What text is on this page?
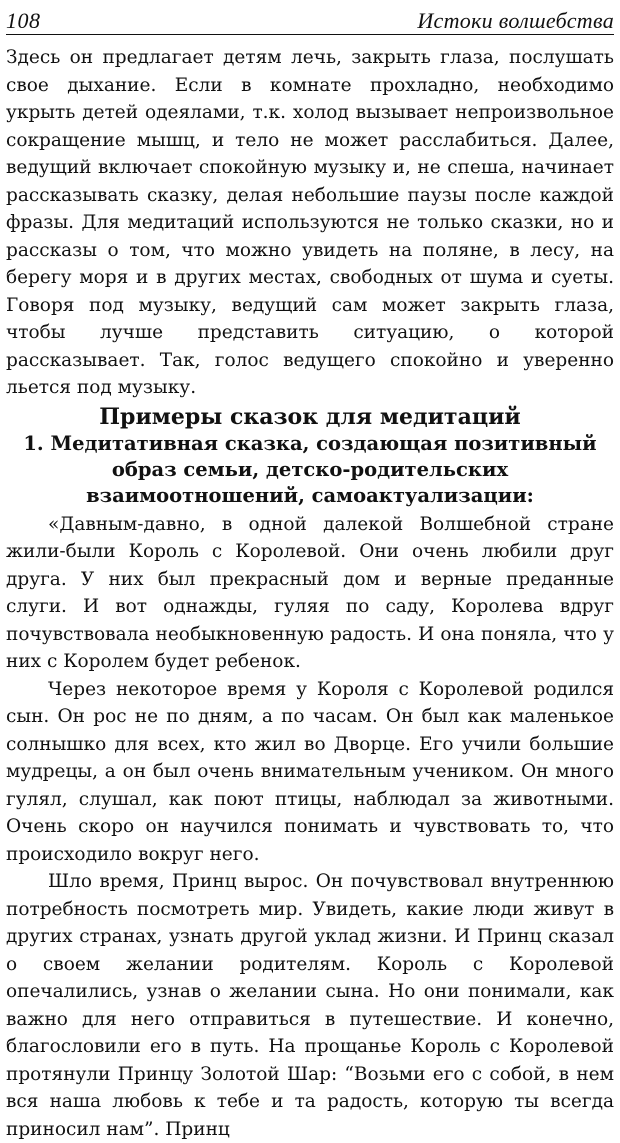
108	Истоки волшебства

Здесь он предлагает детям лечь, закрыть глаза, послушать свое дыхание. Если в комнате прохладно, необходимо укрыть детей одеялами, т.к. холод вызывает непроизвольное сокращение мышц, и тело не может расслабиться. Далее, ведущий включает спокойную музыку и, не спеша, начинает рассказывать сказку, делая небольшие паузы после каждой фразы. Для медитаций используются не только сказки, но и рассказы о том, что можно увидеть на поляне, в лесу, на берегу моря и в других местах, свободных от шума и суеты. Говоря под музыку, ведущий сам может закрыть глаза, чтобы лучше представить ситуацию, о которой рассказывает. Так, голос ведущего спокойно и уверенно льется под музыку.

Примеры сказок для медитаций
1. Медитативная сказка, создающая позитивный образ семьи, детско-родительских взаимоотношений, самоактуализации:

«Давным-давно, в одной далекой Волшебной стране жили-были Король с Королевой. Они очень любили друг друга. У них был прекрасный дом и верные преданные слуги. И вот однажды, гуляя по саду, Королева вдруг почувствовала необыкновенную радость. И она поняла, что у них с Королем будет ребенок.

Через некоторое время у Короля с Королевой родился сын. Он рос не по дням, а по часам. Он был как маленькое солнышко для всех, кто жил во Дворце. Его учили большие мудрецы, а он был очень внимательным учеником. Он много гулял, слушал, как поют птицы, наблюдал за животными. Очень скоро он научился понимать и чувствовать то, что происходило вокруг него.

Шло время, Принц вырос. Он почувствовал внутреннюю потребность посмотреть мир. Увидеть, какие люди живут в других странах, узнать другой уклад жизни. И Принц сказал о своем желании родителям. Король с Королевой опечалились, узнав о желании сына. Но они понимали, как важно для него отправиться в путешествие. И конечно, благословили его в путь. На прощанье Король с Королевой протянули Принцу Золотой Шар: “Возьми его с собой, в нем вся наша любовь к тебе и та радость, которую ты всегда приносил нам”. Принц
